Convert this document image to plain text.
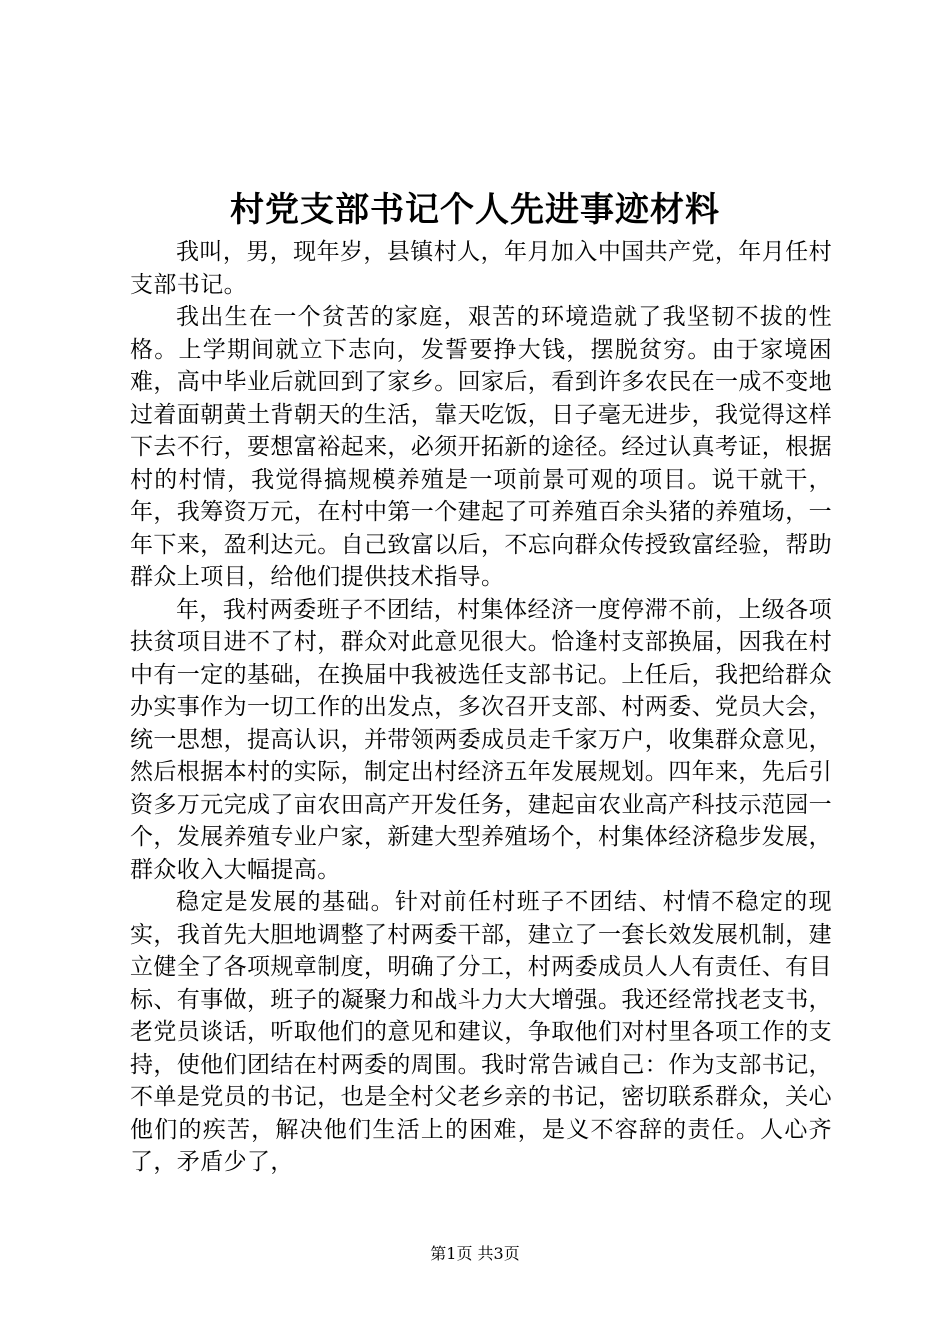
村党支部书记个人先进事迹材料

我叫，男，现年岁，县镇村人，年月加入中国共产党，年月任村支部书记。

我出生在一个贫苦的家庭，艰苦的环境造就了我坚韧不拔的性格。上学期间就立下志向，发誓要挣大钱，摆脱贫穷。由于家境困难，高中毕业后就回到了家乡。回家后，看到许多农民在一成不变地过着面朝黄土背朝天的生活，靠天吃饭，日子毫无进步，我觉得这样下去不行，要想富裕起来，必须开拓新的途径。经过认真考证，根据村的村情，我觉得搞规模养殖是一项前景可观的项目。说干就干，年，我筹资万元，在村中第一个建起了可养殖百余头猪的养殖场，一年下来，盈利达元。自己致富以后，不忘向群众传授致富经验，帮助群众上项目，给他们提供技术指导。

年，我村两委班子不团结，村集体经济一度停滞不前，上级各项扶贫项目进不了村，群众对此意见很大。恰逢村支部换届，因我在村中有一定的基础，在换届中我被选任支部书记。上任后，我把给群众办实事作为一切工作的出发点，多次召开支部、村两委、党员大会，统一思想，提高认识，并带领两委成员走千家万户，收集群众意见，然后根据本村的实际，制定出村经济五年发展规划。四年来，先后引资多万元完成了亩农田高产开发任务，建起亩农业高产科技示范园一个，发展养殖专业户家，新建大型养殖场个，村集体经济稳步发展，群众收入大幅提高。

稳定是发展的基础。针对前任村班子不团结、村情不稳定的现实，我首先大胆地调整了村两委干部，建立了一套长效发展机制，建立健全了各项规章制度，明确了分工，村两委成员人人有责任、有目标、有事做，班子的凝聚力和战斗力大大增强。我还经常找老支书，老党员谈话，听取他们的意见和建议，争取他们对村里各项工作的支持，使他们团结在村两委的周围。我时常告诫自己：作为支部书记，不单是党员的书记，也是全村父老乡亲的书记，密切联系群众，关心他们的疾苦，解决他们生活上的困难，是义不容辞的责任。人心齐了，矛盾少了，

第1页 共3页
